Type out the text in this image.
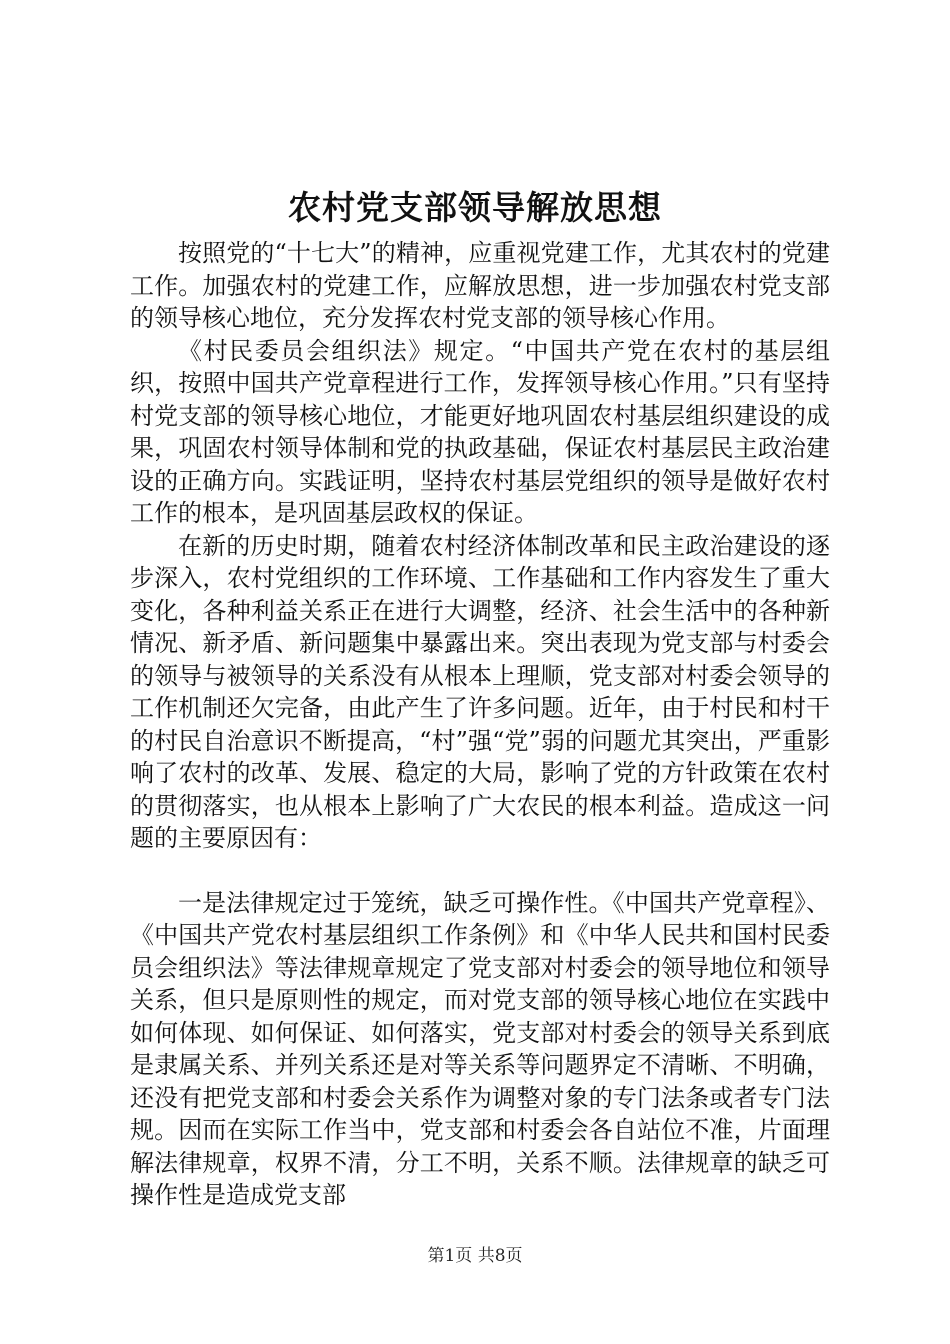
农村党支部领导解放思想

按照党的“十七大”的精神，应重视党建工作，尤其农村的党建工作。加强农村的党建工作，应解放思想，进一步加强农村党支部的领导核心地位，充分发挥农村党支部的领导核心作用。

《村民委员会组织法》规定。“中国共产党在农村的基层组织，按照中国共产党章程进行工作，发挥领导核心作用。”只有坚持村党支部的领导核心地位，才能更好地巩固农村基层组织建设的成果，巩固农村领导体制和党的执政基础，保证农村基层民主政治建设的正确方向。实践证明，坚持农村基层党组织的领导是做好农村工作的根本，是巩固基层政权的保证。

在新的历史时期，随着农村经济体制改革和民主政治建设的逐步深入，农村党组织的工作环境、工作基础和工作内容发生了重大变化，各种利益关系正在进行大调整，经济、社会生活中的各种新情况、新矛盾、新问题集中暴露出来。突出表现为党支部与村委会的领导与被领导的关系没有从根本上理顺，党支部对村委会领导的工作机制还欠完备，由此产生了许多问题。近年，由于村民和村干的村民自治意识不断提高，“村”强“党”弱的问题尤其突出，严重影响了农村的改革、发展、稳定的大局，影响了党的方针政策在农村的贯彻落实，也从根本上影响了广大农民的根本利益。造成这一问题的主要原因有：

一是法律规定过于笼统，缺乏可操作性。《中国共产党章程》、《中国共产党农村基层组织工作条例》和《中华人民共和国村民委员会组织法》等法律规章规定了党支部对村委会的领导地位和领导关系，但只是原则性的规定，而对党支部的领导核心地位在实践中如何体现、如何保证、如何落实，党支部对村委会的领导关系到底是隶属关系、并列关系还是对等关系等问题界定不清晰、不明确，还没有把党支部和村委会关系作为调整对象的专门法条或者专门法规。因而在实际工作当中，党支部和村委会各自站位不准，片面理解法律规章，权界不清，分工不明，关系不顺。法律规章的缺乏可操作性是造成党支部

第1页 共8页
